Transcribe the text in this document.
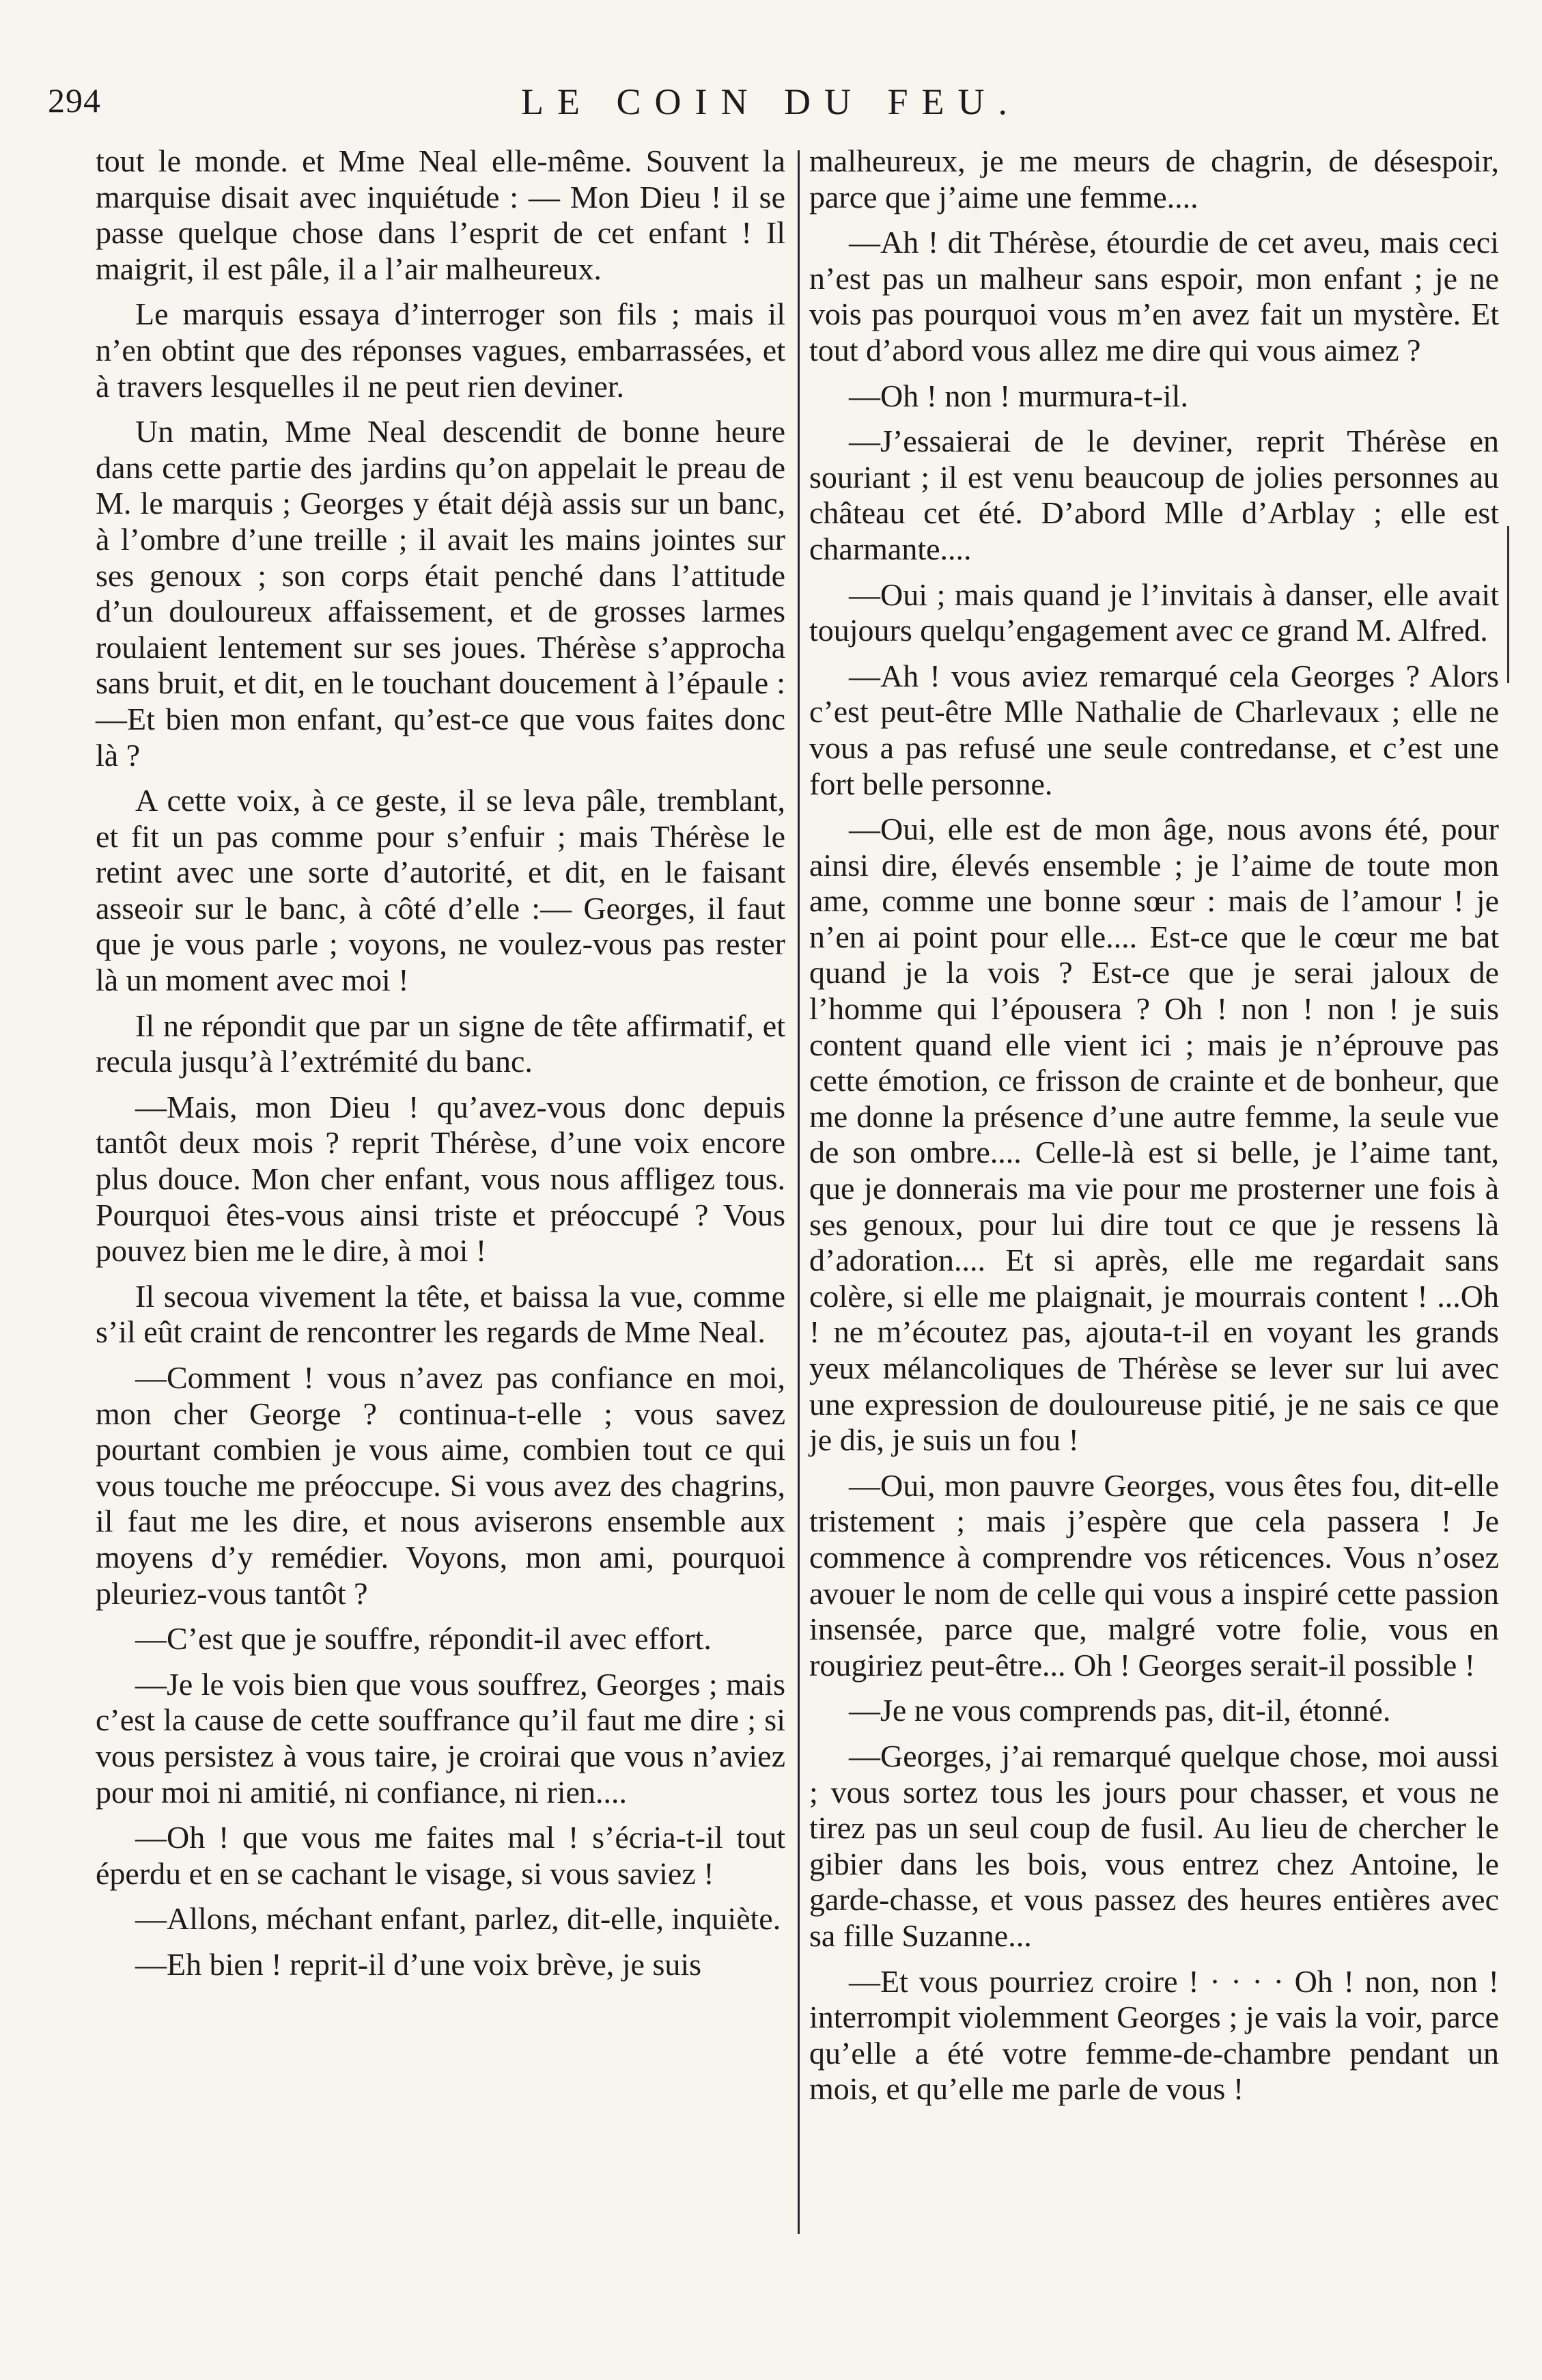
294	LE COIN DU FEU.

tout le monde. et Mme Neal elle-même. Souvent la marquise disait avec inquiétude : — Mon Dieu ! il se passe quelque chose dans l’esprit de cet enfant ! Il maigrit, il est pâle, il a l’air malheureux.

Le marquis essaya d’interroger son fils ; mais il n’en obtint que des réponses vagues, embarrassées, et à travers lesquelles il ne peut rien deviner.

Un matin, Mme Neal descendit de bonne heure dans cette partie des jardins qu’on appelait le preau de M. le marquis ; Georges y était déjà assis sur un banc, à l’ombre d’une treille ; il avait les mains jointes sur ses genoux ; son corps était penché dans l’attitude d’un douloureux affaissement, et de grosses larmes roulaient lentement sur ses joues. Thérèse s’approcha sans bruit, et dit, en le touchant doucement à l’épaule :—Et bien mon enfant, qu’est-ce que vous faites donc là ?

A cette voix, à ce geste, il se leva pâle, tremblant, et fit un pas comme pour s’enfuir ; mais Thérèse le retint avec une sorte d’autorité, et dit, en le faisant asseoir sur le banc, à côté d’elle :— Georges, il faut que je vous parle ; voyons, ne voulez-vous pas rester là un moment avec moi !

Il ne répondit que par un signe de tête affirmatif, et recula jusqu’à l’extrémité du banc.

—Mais, mon Dieu ! qu’avez-vous donc depuis tantôt deux mois ? reprit Thérèse, d’une voix encore plus douce. Mon cher enfant, vous nous affligez tous. Pourquoi êtes-vous ainsi triste et préoccupé ? Vous pouvez bien me le dire, à moi !

Il secoua vivement la tête, et baissa la vue, comme s’il eût craint de rencontrer les regards de Mme Neal.

—Comment ! vous n’avez pas confiance en moi, mon cher George ? continua-t-elle ; vous savez pourtant combien je vous aime, combien tout ce qui vous touche me préoccupe. Si vous avez des chagrins, il faut me les dire, et nous aviserons ensemble aux moyens d’y remédier. Voyons, mon ami, pourquoi pleuriez-vous tantôt ?

—C’est que je souffre, répondit-il avec effort.

—Je le vois bien que vous souffrez, Georges ; mais c’est la cause de cette souffrance qu’il faut me dire ; si vous persistez à vous taire, je croirai que vous n’aviez pour moi ni amitié, ni confiance, ni rien....

—Oh ! que vous me faites mal ! s’écria-t-il tout éperdu et en se cachant le visage, si vous saviez !

—Allons, méchant enfant, parlez, dit-elle, inquiète.

—Eh bien ! reprit-il d’une voix brève, je suis

malheureux, je me meurs de chagrin, de désespoir, parce que j’aime une femme....

—Ah ! dit Thérèse, étourdie de cet aveu, mais ceci n’est pas un malheur sans espoir, mon enfant ; je ne vois pas pourquoi vous m’en avez fait un mystère. Et tout d’abord vous allez me dire qui vous aimez ?

—Oh ! non ! murmura-t-il.

—J’essaierai de le deviner, reprit Thérèse en souriant ; il est venu beaucoup de jolies personnes au château cet été. D’abord Mlle d’Arblay ; elle est charmante....

—Oui ; mais quand je l’invitais à danser, elle avait toujours quelqu’engagement avec ce grand M. Alfred.

—Ah ! vous aviez remarqué cela Georges ? Alors c’est peut-être Mlle Nathalie de Charlevaux ; elle ne vous a pas refusé une seule contredanse, et c’est une fort belle personne.

—Oui, elle est de mon âge, nous avons été, pour ainsi dire, élevés ensemble ; je l’aime de toute mon ame, comme une bonne sœur : mais de l’amour ! je n’en ai point pour elle.... Est-ce que le cœur me bat quand je la vois ? Est-ce que je serai jaloux de l’homme qui l’épousera ? Oh ! non ! non ! je suis content quand elle vient ici ; mais je n’éprouve pas cette émotion, ce frisson de crainte et de bonheur, que me donne la présence d’une autre femme, la seule vue de son ombre.... Celle-là est si belle, je l’aime tant, que je donnerais ma vie pour me prosterner une fois à ses genoux, pour lui dire tout ce que je ressens là d’adoration.... Et si après, elle me regardait sans colère, si elle me plaignait, je mourrais content ! ...Oh ! ne m’écoutez pas, ajouta-t-il en voyant les grands yeux mélancoliques de Thérèse se lever sur lui avec une expression de douloureuse pitié, je ne sais ce que je dis, je suis un fou !

—Oui, mon pauvre Georges, vous êtes fou, dit-elle tristement ; mais j’espère que cela passera ! Je commence à comprendre vos réticences. Vous n’osez avouer le nom de celle qui vous a inspiré cette passion insensée, parce que, malgré votre folie, vous en rougiriez peut-être... Oh ! Georges serait-il possible !

—Je ne vous comprends pas, dit-il, étonné.

—Georges, j’ai remarqué quelque chose, moi aussi ; vous sortez tous les jours pour chasser, et vous ne tirez pas un seul coup de fusil. Au lieu de chercher le gibier dans les bois, vous entrez chez Antoine, le garde-chasse, et vous passez des heures entières avec sa fille Suzanne...

—Et vous pourriez croire ! · · · · Oh ! non, non ! interrompit violemment Georges ; je vais la voir, parce qu’elle a été votre femme-de-chambre pendant un mois, et qu’elle me parle de vous !
